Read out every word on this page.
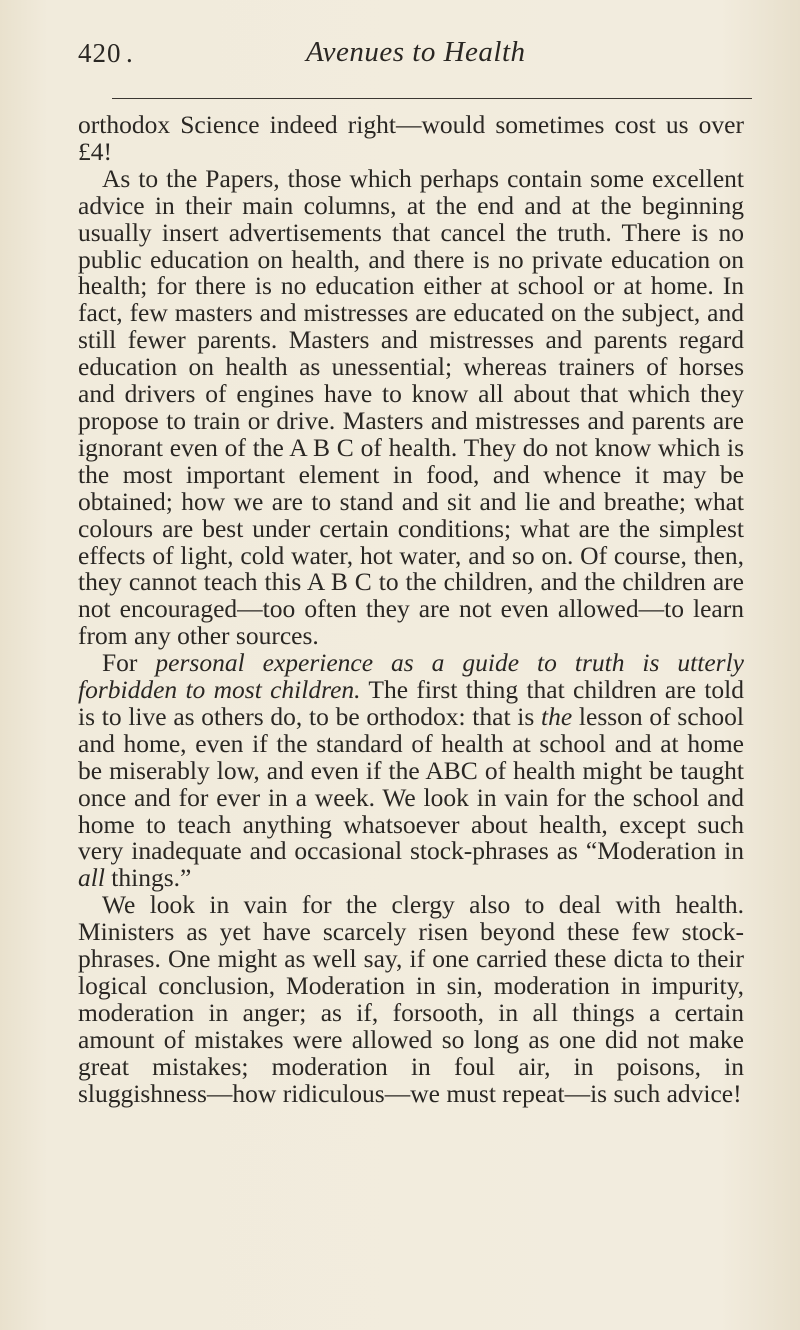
420 .	Avenues to Health

orthodox Science indeed right—would sometimes cost us over £4!

As to the Papers, those which perhaps contain some excellent advice in their main columns, at the end and at the beginning usually insert advertisements that cancel the truth. There is no public education on health, and there is no private education on health; for there is no education either at school or at home. In fact, few masters and mistresses are educated on the subject, and still fewer parents. Masters and mistresses and parents regard education on health as unessential; whereas trainers of horses and drivers of engines have to know all about that which they propose to train or drive. Masters and mistresses and parents are ignorant even of the A B C of health. They do not know which is the most important element in food, and whence it may be obtained; how we are to stand and sit and lie and breathe; what colours are best under certain conditions; what are the simplest effects of light, cold water, hot water, and so on. Of course, then, they cannot teach this A B C to the children, and the children are not encouraged—too often they are not even allowed—to learn from any other sources.

For personal experience as a guide to truth is utterly forbidden to most children. The first thing that children are told is to live as others do, to be orthodox: that is the lesson of school and home, even if the standard of health at school and at home be miserably low, and even if the ABC of health might be taught once and for ever in a week. We look in vain for the school and home to teach anything whatsoever about health, except such very inadequate and occasional stock-phrases as “Moderation in all things.”

We look in vain for the clergy also to deal with health. Ministers as yet have scarcely risen beyond these few stock-phrases. One might as well say, if one carried these dicta to their logical conclusion, Moderation in sin, moderation in impurity, moderation in anger; as if, forsooth, in all things a certain amount of mistakes were allowed so long as one did not make great mistakes; moderation in foul air, in poisons, in sluggishness—how ridiculous—we must repeat—is such advice!
